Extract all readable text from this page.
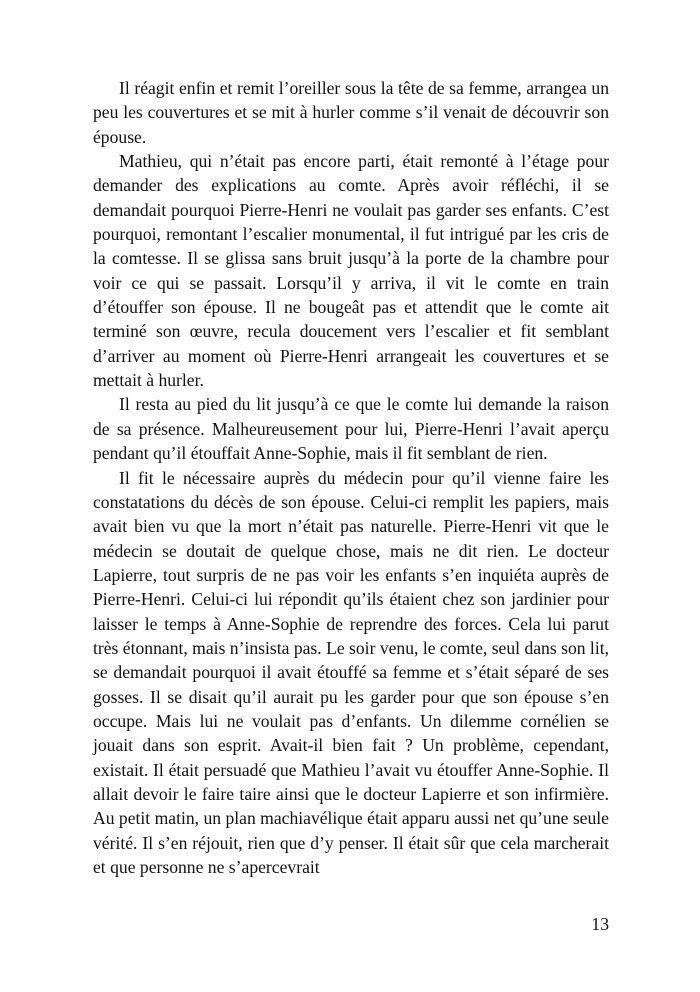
Il réagit enfin et remit l’oreiller sous la tête de sa femme, arrangea un peu les couvertures et se mit à hurler comme s’il venait de découvrir son épouse.

Mathieu, qui n’était pas encore parti, était remonté à l’étage pour demander des explications au comte. Après avoir réfléchi, il se demandait pourquoi Pierre-Henri ne voulait pas garder ses enfants. C’est pourquoi, remontant l’escalier monumental, il fut intrigué par les cris de la comtesse. Il se glissa sans bruit jusqu’à la porte de la chambre pour voir ce qui se passait. Lorsqu’il y arriva, il vit le comte en train d’étouffer son épouse. Il ne bougeât pas et attendit que le comte ait terminé son œuvre, recula doucement vers l’escalier et fit semblant d’arriver au moment où Pierre-Henri arrangeait les couvertures et se mettait à hurler.

Il resta au pied du lit jusqu’à ce que le comte lui demande la raison de sa présence. Malheureusement pour lui, Pierre-Henri l’avait aperçu pendant qu’il étouffait Anne-Sophie, mais il fit semblant de rien.

Il fit le nécessaire auprès du médecin pour qu’il vienne faire les constatations du décès de son épouse. Celui-ci remplit les papiers, mais avait bien vu que la mort n’était pas naturelle. Pierre-Henri vit que le médecin se doutait de quelque chose, mais ne dit rien. Le docteur Lapierre, tout surpris de ne pas voir les enfants s’en inquiéta auprès de Pierre-Henri. Celui-ci lui répondit qu’ils étaient chez son jardinier pour laisser le temps à Anne-Sophie de reprendre des forces. Cela lui parut très étonnant, mais n’insista pas. Le soir venu, le comte, seul dans son lit, se demandait pourquoi il avait étouffé sa femme et s’était séparé de ses gosses. Il se disait qu’il aurait pu les garder pour que son épouse s’en occupe. Mais lui ne voulait pas d’enfants. Un dilemme cornélien se jouait dans son esprit. Avait-il bien fait ? Un problème, cependant, existait. Il était persuadé que Mathieu l’avait vu étouffer Anne-Sophie. Il allait devoir le faire taire ainsi que le docteur Lapierre et son infirmière. Au petit matin, un plan machiavélique était apparu aussi net qu’une seule vérité. Il s’en réjouit, rien que d’y penser. Il était sûr que cela marcherait et que personne ne s’apercevrait

13
